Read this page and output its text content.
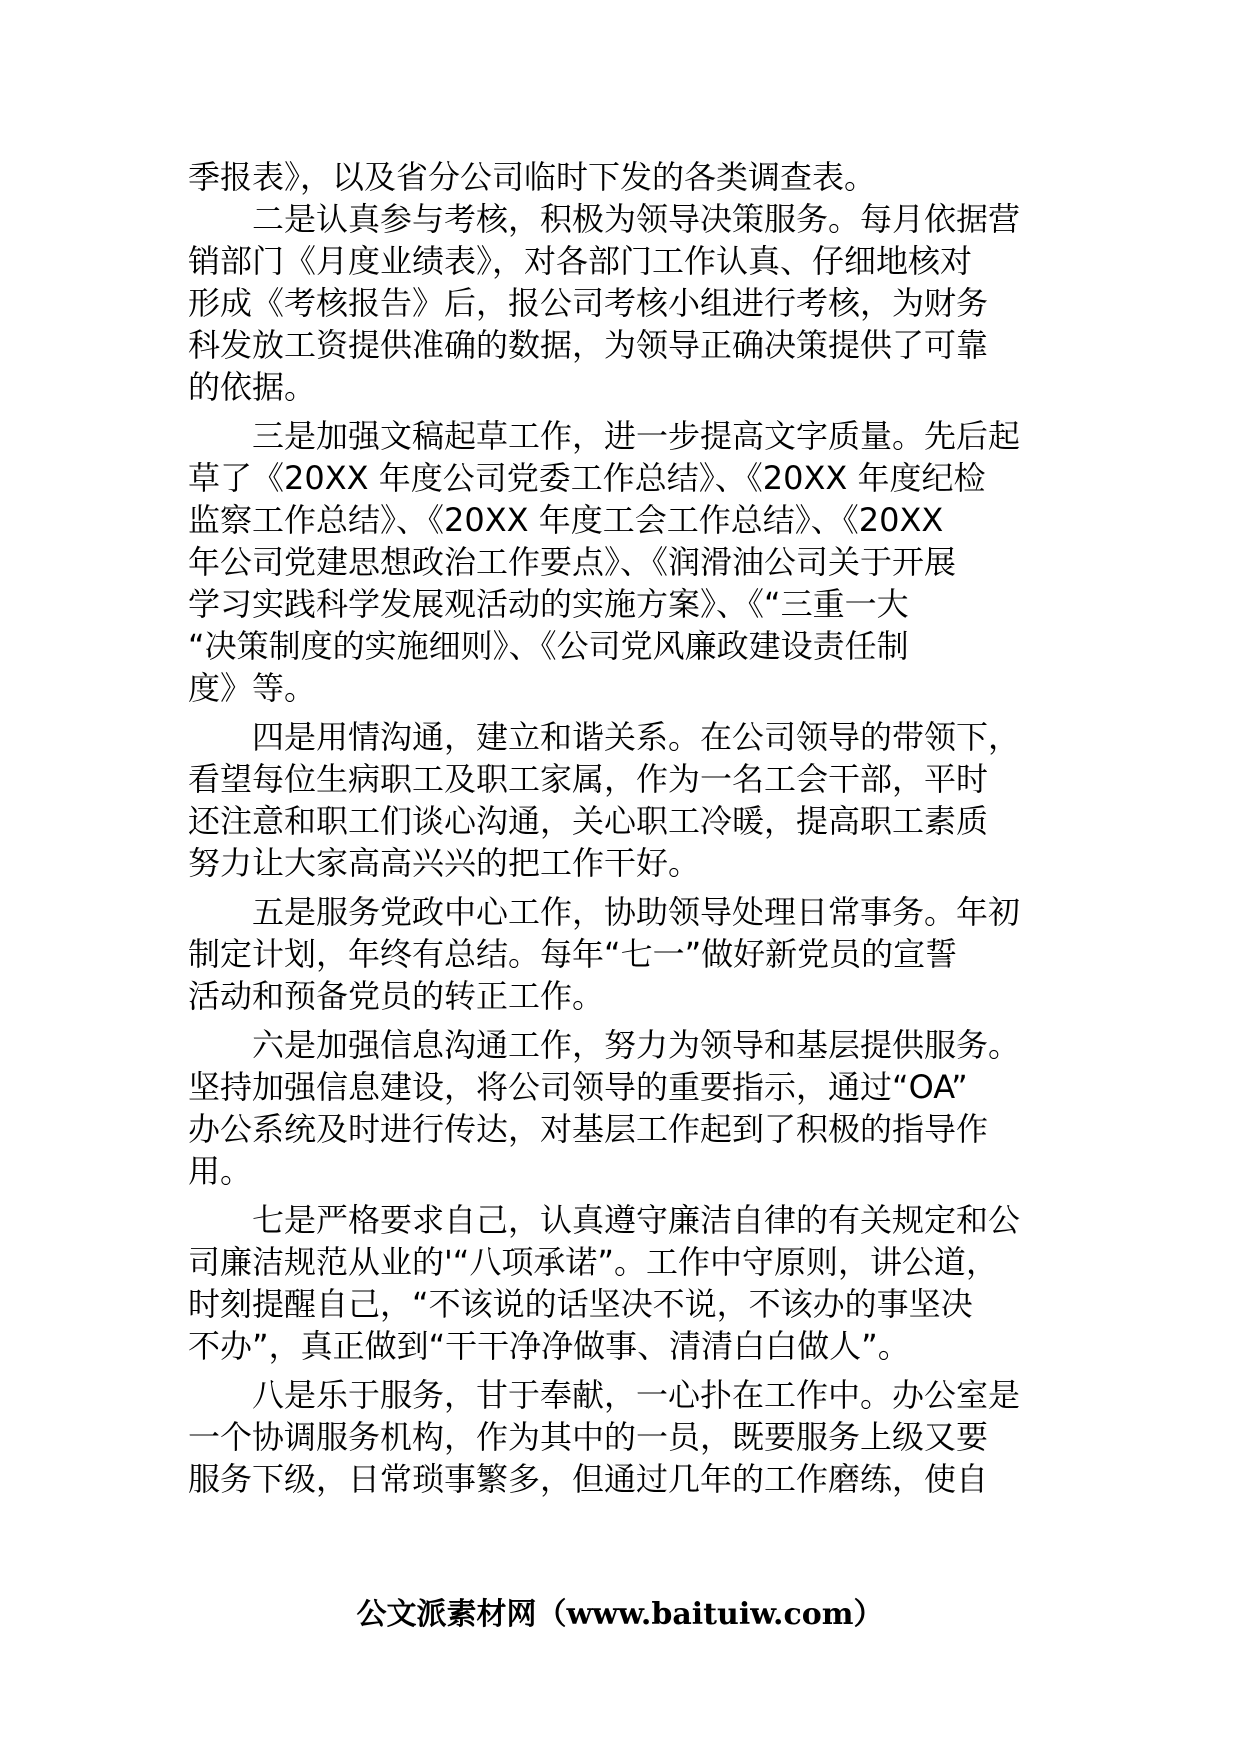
季报表》，以及省分公司临时下发的各类调查表。
　　二是认真参与考核，积极为领导决策服务。每月依据营
销部门《月度业绩表》，对各部门工作认真、仔细地核对
形成《考核报告》后，报公司考核小组进行考核，为财务
科发放工资提供准确的数据，为领导正确决策提供了可靠
的依据。
　　三是加强文稿起草工作，进一步提高文字质量。先后起
草了《20XX 年度公司党委工作总结》、《20XX 年度纪检
监察工作总结》、《20XX 年度工会工作总结》、《20XX
年公司党建思想政治工作要点》、《润滑油公司关于开展
学习实践科学发展观活动的实施方案》、《“三重一大
“决策制度的实施细则》、《公司党风廉政建设责任制
度》等。
　　四是用情沟通，建立和谐关系。在公司领导的带领下，
看望每位生病职工及职工家属，作为一名工会干部，平时
还注意和职工们谈心沟通，关心职工冷暖，提高职工素质
努力让大家高高兴兴的把工作干好。
　　五是服务党政中心工作，协助领导处理日常事务。年初
制定计划，年终有总结。每年“七一”做好新党员的宣誓
活动和预备党员的转正工作。
　　六是加强信息沟通工作，努力为领导和基层提供服务。
坚持加强信息建设，将公司领导的重要指示，通过“OA”
办公系统及时进行传达，对基层工作起到了积极的指导作
用。
　　七是严格要求自己，认真遵守廉洁自律的有关规定和公
司廉洁规范从业的'“八项承诺”。工作中守原则，讲公道，
时刻提醒自己，“不该说的话坚决不说，不该办的事坚决
不办”，真正做到“干干净净做事、清清白白做人”。
　　八是乐于服务，甘于奉献，一心扑在工作中。办公室是
一个协调服务机构，作为其中的一员，既要服务上级又要
服务下级，日常琐事繁多，但通过几年的工作磨练，使自
公文派素材网（www.baituiw.com）
